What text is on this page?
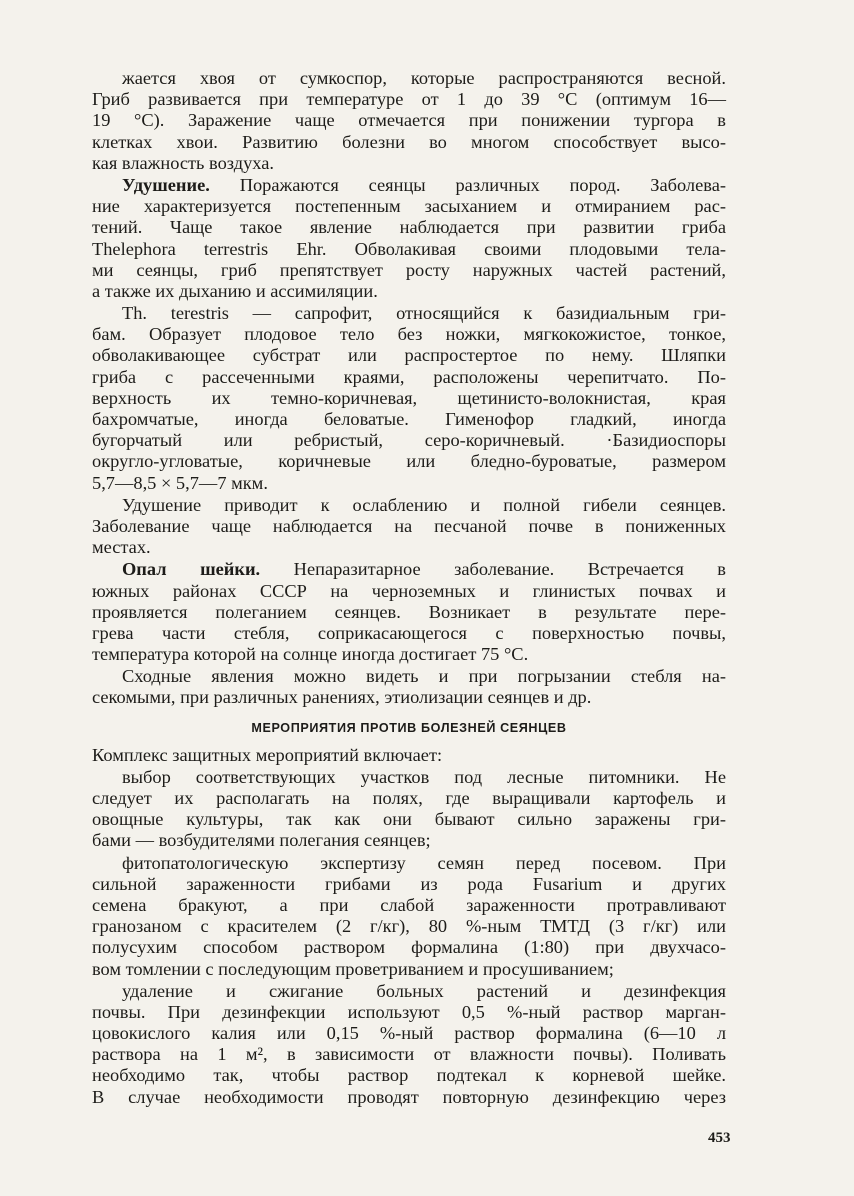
жается хвоя от сумкоспор, которые распространяются весной.
Гриб развивается при температуре от 1 до 39 °С (оптимум 16—
19 °С). Заражение чаще отмечается при понижении тургора в
клетках хвои. Развитию болезни во многом способствует высо-
кая влажность воздуха.
Удушение. Поражаются сеянцы различных пород. Заболева-
ние характеризуется постепенным засыханием и отмиранием рас-
тений. Чаще такое явление наблюдается при развитии гриба
Thelephora terrestris Ehr. Обволакивая своими плодовыми тела-
ми сеянцы, гриб препятствует росту наружных частей растений,
а также их дыханию и ассимиляции.
Th. terestris — сапрофит, относящийся к базидиальным гри-
бам. Образует плодовое тело без ножки, мягкокожистое, тонкое,
обволакивающее субстрат или распростертое по нему. Шляпки
гриба с рассеченными краями, расположены черепитчато. По-
верхность их темно-коричневая, щетинисто-волокнистая, края
бахромчатые, иногда беловатые. Гименофор гладкий, иногда
бугорчатый или ребристый, серо-коричневый. ·Базидиоспоры
округло-угловатые, коричневые или бледно-буроватые, размером
5,7—8,5 × 5,7—7 мкм.
Удушение приводит к ослаблению и полной гибели сеянцев.
Заболевание чаще наблюдается на песчаной почве в пониженных
местах.
Опал шейки. Непаразитарное заболевание. Встречается в
южных районах СССР на черноземных и глинистых почвах и
проявляется полеганием сеянцев. Возникает в результате пере-
грева части стебля, соприкасающегося с поверхностью почвы,
температура которой на солнце иногда достигает 75 °С.
Сходные явления можно видеть и при погрызании стебля на-
секомыми, при различных ранениях, этиолизации сеянцев и др.
МЕРОПРИЯТИЯ ПРОТИВ БОЛЕЗНЕЙ СЕЯНЦЕВ
Комплекс защитных мероприятий включает:
выбор соответствующих участков под лесные питомники. Не
следует их располагать на полях, где выращивали картофель и
овощные культуры, так как они бывают сильно заражены гри-
бами — возбудителями полегания сеянцев;
фитопатологическую экспертизу семян перед посевом. При
сильной зараженности грибами из рода Fusarium и других
семена бракуют, а при слабой зараженности протравливают
гранозаном с красителем (2 г/кг), 80 %-ным ТМТД (3 г/кг) или
полусухим способом раствором формалина (1:80) при двухчасо-
вом томлении с последующим проветриванием и просушиванием;
удаление и сжигание больных растений и дезинфекция
почвы. При дезинфекции используют 0,5 %-ный раствор марган-
цовокислого калия или 0,15 %-ный раствор формалина (6—10 л
раствора на 1 м², в зависимости от влажности почвы). Поливать
необходимо так, чтобы раствор подтекал к корневой шейке.
В случае необходимости проводят повторную дезинфекцию через
453
